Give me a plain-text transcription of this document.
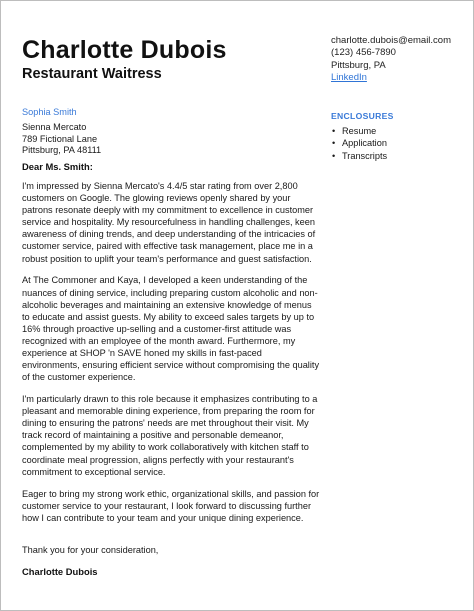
Charlotte Dubois
Restaurant Waitress
charlotte.dubois@email.com
(123) 456-7890
Pittsburg, PA
LinkedIn
Sophia Smith
Sienna Mercato
789 Fictional Lane
Pittsburg, PA 48111
Dear Ms. Smith:

I'm impressed by Sienna Mercato's 4.4/5 star rating from over 2,800 customers on Google. The glowing reviews openly shared by your patrons resonate deeply with my commitment to excellence in customer service and hospitality. My resourcefulness in handling challenges, keen awareness of dining trends, and deep understanding of the intricacies of customer service, paired with effective task management, place me in a robust position to uplift your team's performance and guest satisfaction.

At The Commoner and Kaya, I developed a keen understanding of the nuances of dining service, including preparing custom alcoholic and non-alcoholic beverages and maintaining an extensive knowledge of menus to educate and assist guests. My ability to exceed sales targets by up to 16% through proactive up-selling and a customer-first attitude was recognized with an employee of the month award. Furthermore, my experience at SHOP 'n SAVE honed my skills in fast-paced environments, ensuring efficient service without compromising the quality of the customer experience.

I'm particularly drawn to this role because it emphasizes contributing to a pleasant and memorable dining experience, from preparing the room for dining to ensuring the patrons' needs are met throughout their visit. My track record of maintaining a positive and personable demeanor, complemented by my ability to work collaboratively with kitchen staff to coordinate meal progression, aligns perfectly with your restaurant's commitment to exceptional service.

Eager to bring my strong work ethic, organizational skills, and passion for customer service to your restaurant, I look forward to discussing further how I can contribute to your team and your unique dining experience.

Thank you for your consideration,
Charlotte Dubois
ENCLOSURES
• Resume
• Application
• Transcripts
